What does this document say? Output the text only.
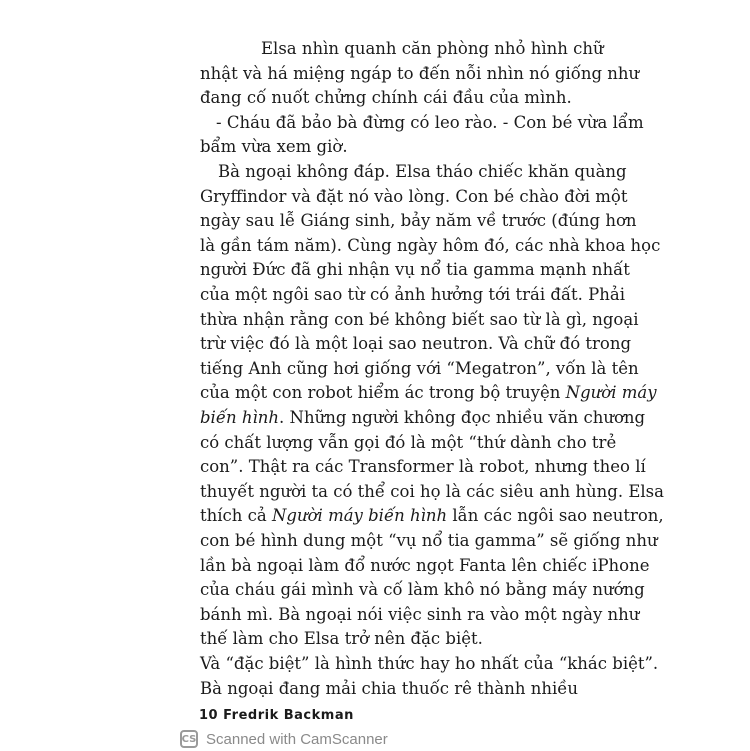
Elsa nhìn quanh căn phòng nhỏ hình chữ
nhật và há miệng ngáp to đến nỗi nhìn nó giống như
đang cố nuốt chửng chính cái đầu của mình.
- Cháu đã bảo bà đừng có leo rào. - Con bé vừa lẩm
bẩm vừa xem giờ.
Bà ngoại không đáp. Elsa tháo chiếc khăn quàng
Gryffindor và đặt nó vào lòng. Con bé chào đời một
ngày sau lễ Giáng sinh, bảy năm về trước (đúng hơn
là gần tám năm). Cùng ngày hôm đó, các nhà khoa học
người Đức đã ghi nhận vụ nổ tia gamma mạnh nhất
của một ngôi sao từ có ảnh hưởng tới trái đất. Phải
thừa nhận rằng con bé không biết sao từ là gì, ngoại
trừ việc đó là một loại sao neutron. Và chữ đó trong
tiếng Anh cũng hơi giống với “Megatron”, vốn là tên
của một con robot hiểm ác trong bộ truyện Người máy
biến hình. Những người không đọc nhiều văn chương
có chất lượng vẫn gọi đó là một “thứ dành cho trẻ
con”. Thật ra các Transformer là robot, nhưng theo lí
thuyết người ta có thể coi họ là các siêu anh hùng. Elsa
thích cả Người máy biến hình lẫn các ngôi sao neutron,
con bé hình dung một “vụ nổ tia gamma” sẽ giống như
lần bà ngoại làm đổ nước ngọt Fanta lên chiếc iPhone
của cháu gái mình và cố làm khô nó bằng máy nướng
bánh mì. Bà ngoại nói việc sinh ra vào một ngày như
thế làm cho Elsa trở nên đặc biệt.
Và “đặc biệt” là hình thức hay ho nhất của “khác biệt”.
Bà ngoại đang mải chia thuốc rê thành nhiều
10 Fredrik Backman
CS Scanned with CamScanner
